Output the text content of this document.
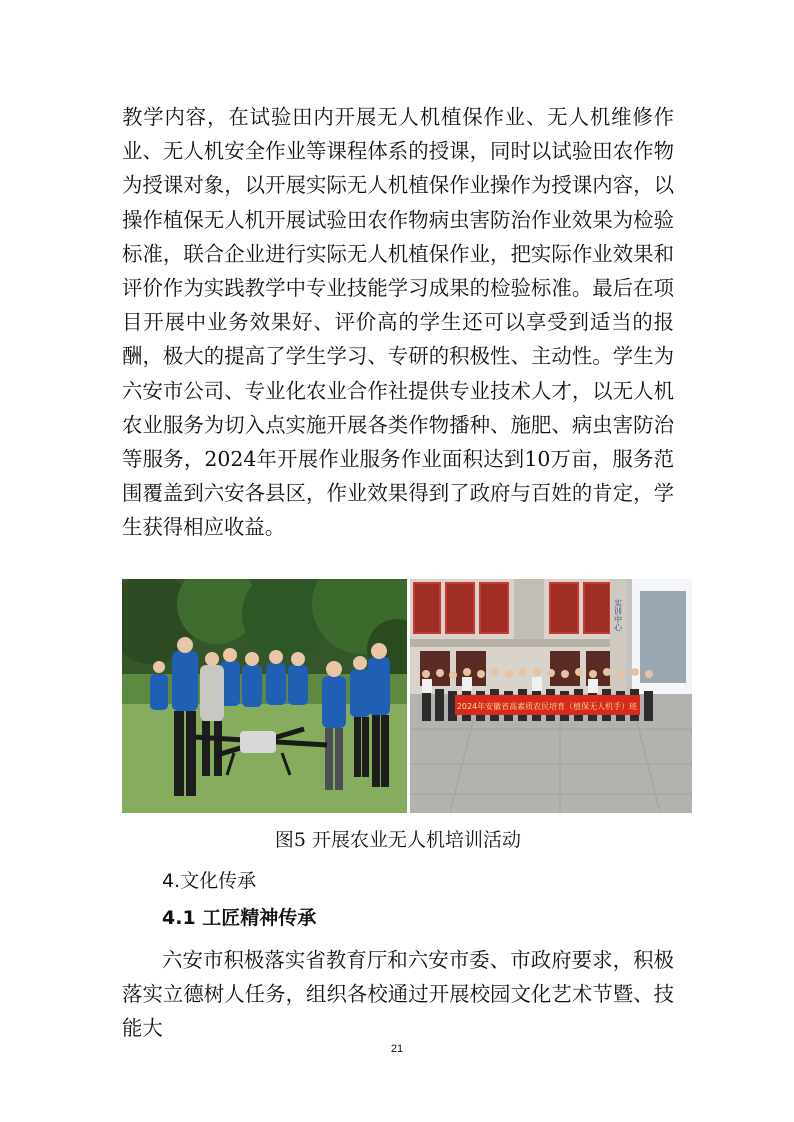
教学内容，在试验田内开展无人机植保作业、无人机维修作业、无人机安全作业等课程体系的授课，同时以试验田农作物为授课对象，以开展实际无人机植保作业操作为授课内容，以操作植保无人机开展试验田农作物病虫害防治作业效果为检验标准，联合企业进行实际无人机植保作业，把实际作业效果和评价作为实践教学中专业技能学习成果的检验标准。最后在项目开展中业务效果好、评价高的学生还可以享受到适当的报酬，极大的提高了学生学习、专研的积极性、主动性。学生为六安市公司、专业化农业合作社提供专业技术人才，以无人机农业服务为切入点实施开展各类作物播种、施肥、病虫害防治等服务，2024年开展作业服务作业面积达到10万亩，服务范围覆盖到六安各县区，作业效果得到了政府与百姓的肯定，学生获得相应收益。

实训中心
2024年安徽省高素质农民培育（植保无人机手）班
图5 开展农业无人机培训活动
4.文化传承
4.1 工匠精神传承

六安市积极落实省教育厅和六安市委、市政府要求，积极落实立德树人任务，组织各校通过开展校园文化艺术节暨、技能大

21
